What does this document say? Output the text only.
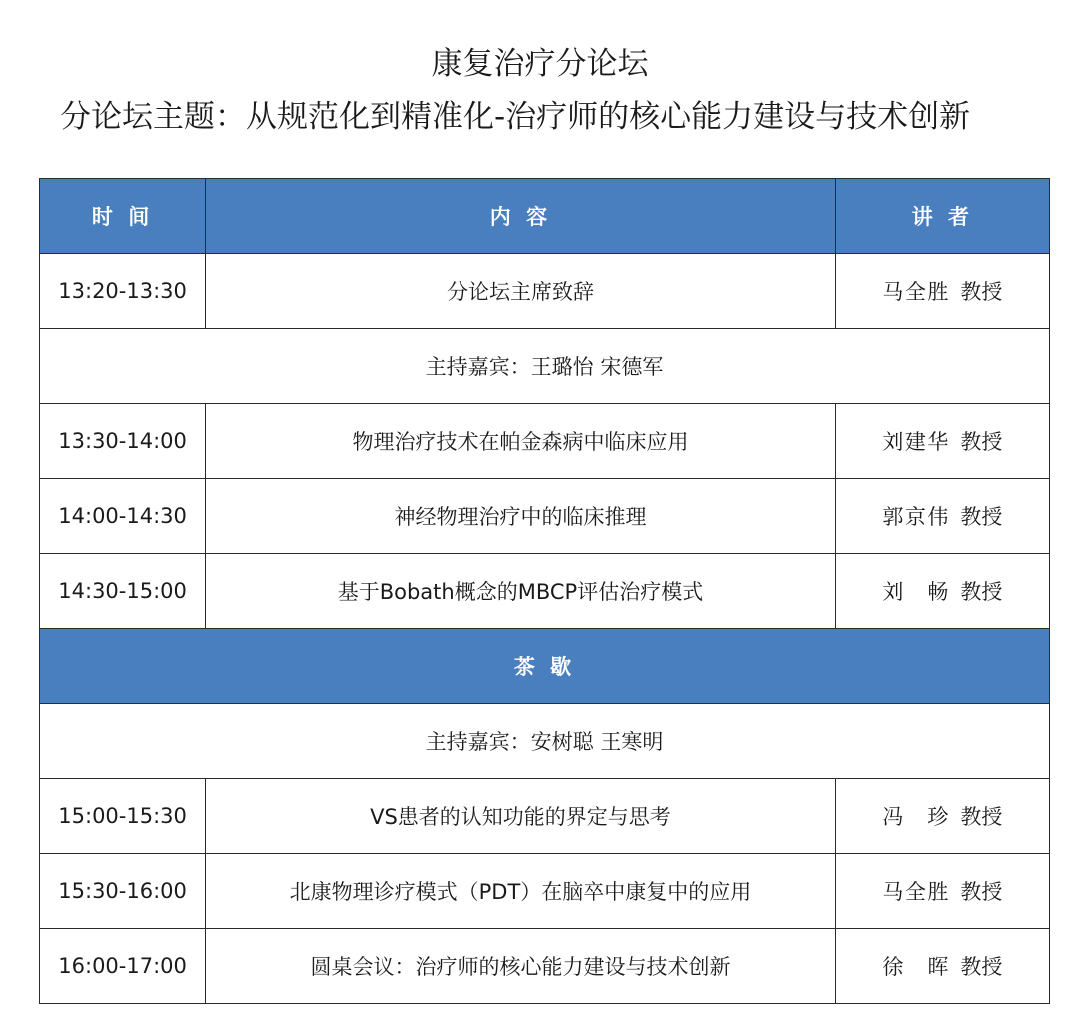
康复治疗分论坛
分论坛主题：从规范化到精准化-治疗师的核心能力建设与技术创新
时 间	内 容	讲 者
13:20-13:30	分论坛主席致辞	马全胜 教授
主持嘉宾：王璐怡 宋德军		
13:30-14:00	物理治疗技术在帕金森病中临床应用	刘建华 教授
14:00-14:30	神经物理治疗中的临床推理	郭京伟 教授
14:30-15:00	基于Bobath概念的MBCP评估治疗模式	刘 畅 教授
茶 歇		
主持嘉宾：安树聪 王寒明		
15:00-15:30	VS患者的认知功能的界定与思考	冯 珍 教授
15:30-16:00	北康物理诊疗模式（PDT）在脑卒中康复中的应用	马全胜 教授
16:00-17:00	圆桌会议：治疗师的核心能力建设与技术创新	徐 晖 教授
